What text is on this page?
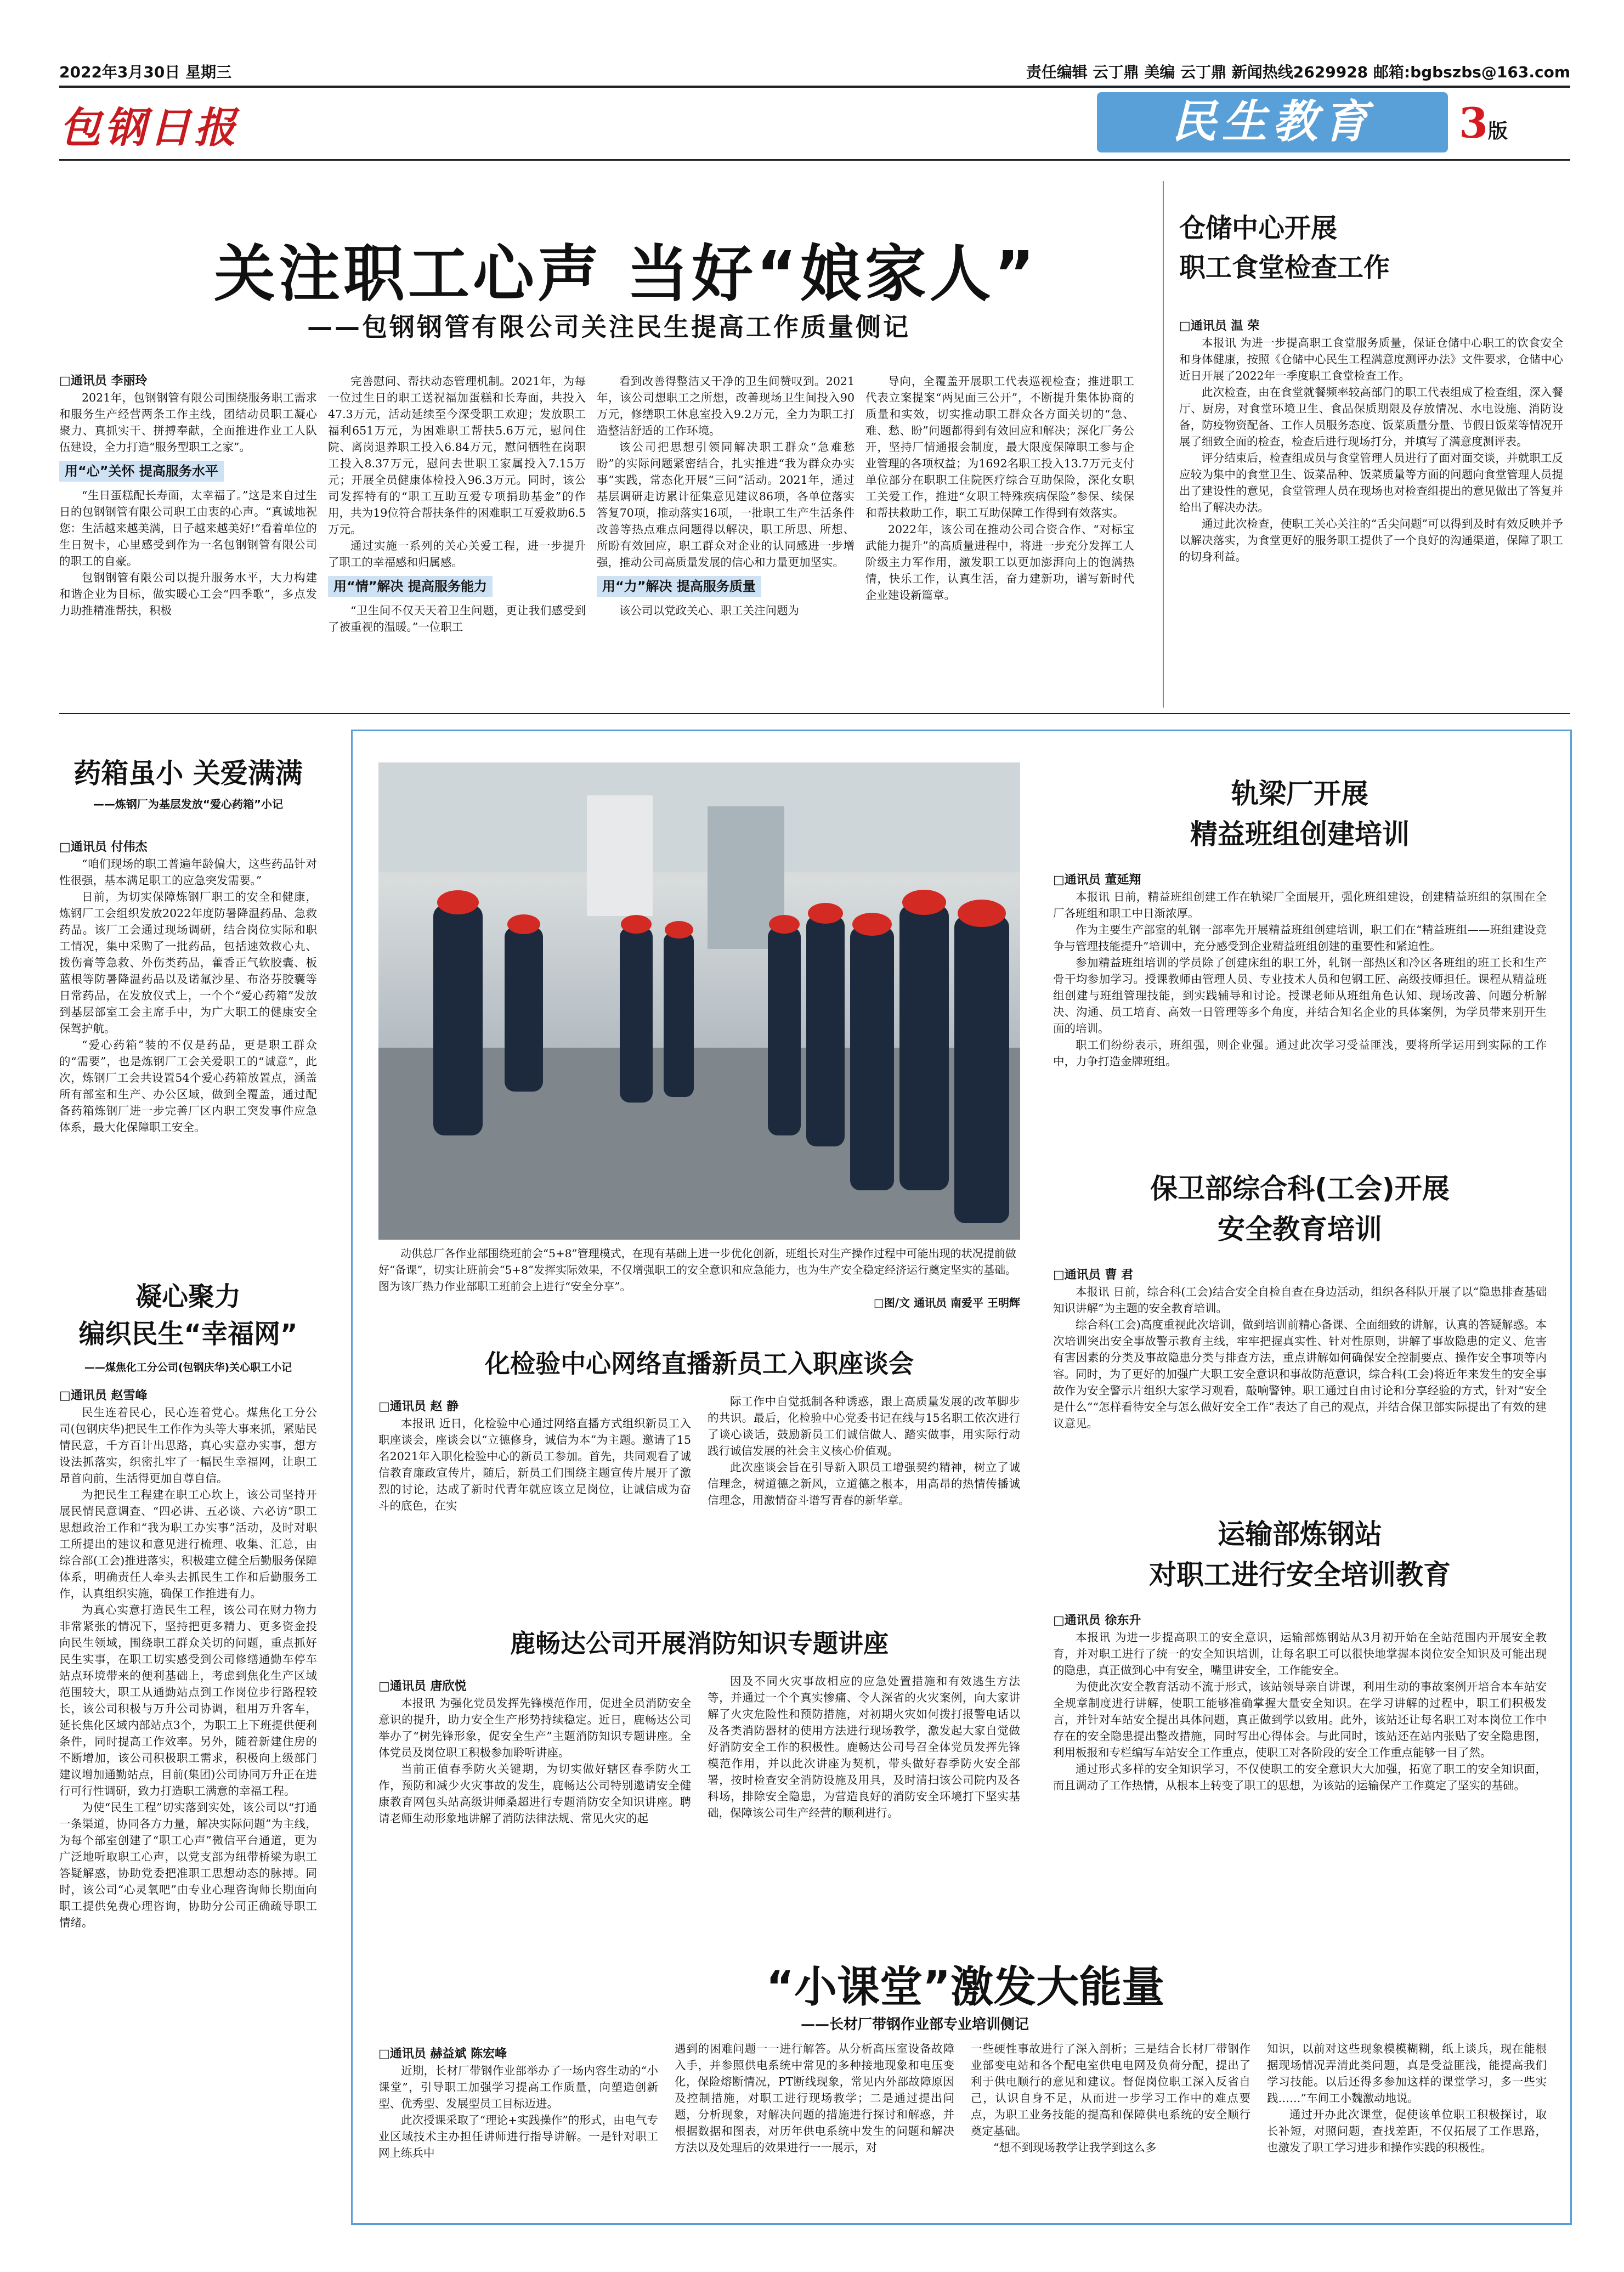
2022年3月30日 星期三	责任编辑 云丁鼎 美编 云丁鼎 新闻热线2629928 邮箱:bgbszbs@163.com
包钢日报	民生教育	3版
关注职工心声 当好“娘家人”
——包钢钢管有限公司关注民生提高工作质量侧记
□通讯员 李丽玲

2021年，包钢钢管有限公司围绕服务职工需求和服务生产经营两条工作主线，团结动员职工凝心聚力、真抓实干、拼搏奉献，全面推进作业工人队伍建设，全力打造“服务型职工之家”。

用“心”关怀 提高服务水平

“生日蛋糕配长寿面，太幸福了。”这是来自过生日的包钢钢管有限公司职工由衷的心声。“真诚地祝您：生活越来越美满，日子越来越美好!”看着单位的生日贺卡，心里感受到作为一名包钢钢管有限公司的职工的自豪。

包钢钢管有限公司以提升服务水平，大力构建和谐企业为目标，做实暖心工会“四季歌”，多点发力助推精准帮扶，积极

完善慰问、帮扶动态管理机制。2021年，为每一位过生日的职工送祝福加蛋糕和长寿面，共投入47.3万元，活动延续至今深受职工欢迎；发放职工福利651万元，为困难职工帮扶5.6万元，慰问住院、离岗退养职工投入6.84万元，慰问牺牲在岗职工投入8.37万元，慰问去世职工家属投入7.15万元；开展全员健康体检投入96.3万元。同时，该公司发挥特有的“职工互助互爱专项捐助基金”的作用，共为19位符合帮扶条件的困难职工互爱救助6.5万元。

通过实施一系列的关心关爱工程，进一步提升了职工的幸福感和归属感。

用“情”解决 提高服务能力

“卫生间不仅天天着卫生问题，更让我们感受到了被重视的温暖。”一位职工

看到改善得整洁又干净的卫生间赞叹到。2021年，该公司想职工之所想，改善现场卫生间投入90万元，修缮职工休息室投入9.2万元，全力为职工打造整洁舒适的工作环境。

该公司把思想引领同解决职工群众“急难愁盼”的实际问题紧密结合，扎实推进“我为群众办实事”实践，常态化开展“三问”活动。2021年，通过基层调研走访累计征集意见建议86项，各单位落实答复70项，推动落实16项，一批职工生产生活条件改善等热点难点问题得以解决，职工所思、所想、所盼有效回应，职工群众对企业的认同感进一步增强，推动公司高质量发展的信心和力量更加坚实。

用“力”解决 提高服务质量

该公司以党政关心、职工关注问题为

导向，全覆盖开展职工代表巡视检查；推进职工代表立案提案“两见面三公开”，不断提升集体协商的质量和实效，切实推动职工群众各方面关切的“急、难、愁、盼”问题都得到有效回应和解决；深化厂务公开，坚持厂情通报会制度，最大限度保障职工参与企业管理的各项权益；为1692名职工投入13.7万元支付单位部分在职职工住院医疗综合互助保险，深化女职工关爱工作，推进“女职工特殊疾病保险”参保、续保和帮扶救助工作，职工互助保障工作得到有效落实。

2022年，该公司在推动公司合资合作、“对标宝武能力提升”的高质量进程中，将进一步充分发挥工人阶级主力军作用，激发职工以更加澎湃向上的饱满热情，快乐工作，认真生活，奋力建新功，谱写新时代企业建设新篇章。

仓储中心开展
职工食堂检查工作
□通讯员 温 荣

本报讯 为进一步提高职工食堂服务质量，保证仓储中心职工的饮食安全和身体健康，按照《仓储中心民生工程满意度测评办法》文件要求，仓储中心近日开展了2022年一季度职工食堂检查工作。

此次检查，由在食堂就餐频率较高部门的职工代表组成了检查组，深入餐厅、厨房，对食堂环境卫生、食品保质期限及存放情况、水电设施、消防设备，防疫物资配备、工作人员服务态度、饭菜质量分量、节假日饭菜等情况开展了细致全面的检查，检查后进行现场打分，并填写了满意度测评表。

评分结束后，检查组成员与食堂管理人员进行了面对面交谈，并就职工反应较为集中的食堂卫生、饭菜品种、饭菜质量等方面的问题向食堂管理人员提出了建设性的意见，食堂管理人员在现场也对检查组提出的意见做出了答复并给出了解决办法。

通过此次检查，使职工关心关注的“舌尖问题”可以得到及时有效反映并予以解决落实，为食堂更好的服务职工提供了一个良好的沟通渠道，保障了职工的切身利益。

药箱虽小 关爱满满
——炼钢厂为基层发放“爱心药箱”小记
□通讯员 付伟杰

“咱们现场的职工普遍年龄偏大，这些药品针对性很强，基本满足职工的应急突发需要。”

日前，为切实保障炼钢厂职工的安全和健康，炼钢厂工会组织发放2022年度防暑降温药品、急救药品。该厂工会通过现场调研，结合岗位实际和职工情况，集中采购了一批药品，包括速效救心丸、拨伤膏等急救、外伤类药品，藿香正气软胶囊、板蓝根等防暑降温药品以及诺氟沙星、布洛芬胶囊等日常药品，在发放仪式上，一个个“爱心药箱”发放到基层部室工会主席手中，为广大职工的健康安全保驾护航。

“爱心药箱”装的不仅是药品，更是职工群众的“需要”，也是炼钢厂工会关爱职工的“诚意”，此次，炼钢厂工会共设置54个爱心药箱放置点，涵盖所有部室和生产、办公区域，做到全覆盖，通过配备药箱炼钢厂进一步完善厂区内职工突发事件应急体系，最大化保障职工安全。

凝心聚力
编织民生“幸福网”
——煤焦化工分公司(包钢庆华)关心职工小记
□通讯员 赵雪峰

民生连着民心，民心连着党心。煤焦化工分公司(包钢庆华)把民生工作作为头等大事来抓，紧贴民情民意，千方百计出思路，真心实意办实事，想方设法抓落实，织密扎牢了一幅民生幸福网，让职工昂首向前，生活得更加自尊自信。

为把民生工程建在职工心坎上，该公司坚持开展民情民意调查、“四必讲、五必谈、六必访”职工思想政治工作和“我为职工办实事”活动，及时对职工所提出的建议和意见进行梳理、收集、汇总，由综合部(工会)推进落实，积极建立健全后勤服务保障体系，明确责任人牵头去抓民生工作和后勤服务工作，认真组织实施，确保工作推进有力。

为真心实意打造民生工程，该公司在财力物力非常紧张的情况下，坚持把更多精力、更多资金投向民生领域，围绕职工群众关切的问题，重点抓好民生实事，在职工切实感受到公司修缮通勤车停车站点环境带来的便利基础上，考虑到焦化生产区域范围较大，职工从通勤站点到工作岗位步行路程较长，该公司积极与万升公司协调，租用万升客车，延长焦化区域内部站点3个，为职工上下班提供便利条件，同时提高工作效率。另外，随着新建住房的不断增加，该公司积极职工需求，积极向上级部门建议增加通勤站点，目前(集团)公司协同万升正在进行可行性调研，致力打造职工满意的幸福工程。

为使“民生工程”切实落到实处，该公司以“打通一条渠道，协同各方力量，解决实际问题”为主线，为每个部室创建了“职工心声”微信平台通道，更为广泛地听取职工心声，以党支部为纽带桥梁为职工答疑解惑，协助党委把准职工思想动态的脉搏。同时，该公司“心灵氧吧”由专业心理咨询师长期面向职工提供免费心理咨询，协助分公司正确疏导职工情绪。

动供总厂各作业部围绕班前会“5+8”管理模式，在现有基础上进一步优化创新，班组长对生产操作过程中可能出现的状况提前做好“备课”，切实让班前会“5+8”发挥实际效果，不仅增强职工的安全意识和应急能力，也为生产安全稳定经济运行奠定坚实的基础。图为该厂热力作业部职工班前会上进行“安全分享”。
□图/文 通讯员 南爱平 王明辉
化检验中心网络直播新员工入职座谈会
□通讯员 赵 静

本报讯 近日，化检验中心通过网络直播方式组织新员工入职座谈会，座谈会以“立德修身，诚信为本”为主题。邀请了15名2021年入职化检验中心的新员工参加。首先，共同观看了诚信教育廉政宣传片，随后，新员工们围绕主题宣传片展开了激烈的讨论，达成了新时代青年就应该立足岗位，让诚信成为奋斗的底色，在实

际工作中自觉抵制各种诱惑，跟上高质量发展的改革脚步的共识。最后，化检验中心党委书记在线与15名职工依次进行了谈心谈话，鼓励新员工们诚信做人、踏实做事，用实际行动践行诚信发展的社会主义核心价值观。

此次座谈会旨在引导新入职员工增强契约精神，树立了诚信理念，树道德之新风，立道德之根本，用高昂的热情传播诚信理念，用激情奋斗谱写青春的新华章。

鹿畅达公司开展消防知识专题讲座
□通讯员 唐欣悦

本报讯 为强化党员发挥先锋模范作用，促进全员消防安全意识的提升，助力安全生产形势持续稳定。近日，鹿畅达公司举办了“树先锋形象，促安全生产”主题消防知识专题讲座。全体党员及岗位职工积极参加聆听讲座。

当前正值春季防火关键期，为切实做好辖区春季防火工作，预防和减少火灾事故的发生，鹿畅达公司特别邀请安全健康教育网包头站高级讲师桑超进行专题消防安全知识讲座。聘请老师生动形象地讲解了消防法律法规、常见火灾的起

因及不同火灾事故相应的应急处置措施和有效逃生方法等，并通过一个个真实惨痛、令人深省的火灾案例，向大家讲解了火灾危险性和预防措施，对初期火灾如何拨打报警电话以及各类消防器材的使用方法进行现场教学，激发起大家自觉做好消防安全工作的积极性。鹿畅达公司号召全体党员发挥先锋模范作用，并以此次讲座为契机，带头做好春季防火安全部署，按时检查安全消防设施及用具，及时清扫该公司院内及各科场，排除安全隐患，为营造良好的消防安全环境打下坚实基础，保障该公司生产经营的顺利进行。

轨梁厂开展
精益班组创建培训
□通讯员 董延翔

本报讯 日前，精益班组创建工作在轨梁厂全面展开，强化班组建设，创建精益班组的氛围在全厂各班组和职工中日渐浓厚。

作为主要生产部室的轧钢一部率先开展精益班组创建培训，职工们在“精益班组——班组建设竞争与管理技能提升”培训中，充分感受到企业精益班组创建的重要性和紧迫性。

参加精益班组培训的学员除了创建床组的职工外，轧钢一部热区和冷区各班组的班工长和生产骨干均参加学习。授课教师由管理人员、专业技术人员和包钢工匠、高级技师担任。课程从精益班组创建与班组管理技能，到实践辅导和讨论。授课老师从班组角色认知、现场改善、问题分析解决、沟通、员工培育、高效一日管理等多个角度，并结合知名企业的具体案例，为学员带来别开生面的培训。

职工们纷纷表示，班组强，则企业强。通过此次学习受益匪浅，要将所学运用到实际的工作中，力争打造金牌班组。

保卫部综合科(工会)开展
安全教育培训
□通讯员 曹 君

本报讯 日前，综合科(工会)结合安全自检自查在身边活动，组织各科队开展了以“隐患排查基础知识讲解”为主题的安全教育培训。

综合科(工会)高度重视此次培训，做到培训前精心备课、全面细致的讲解，认真的答疑解惑。本次培训突出安全事故警示教育主线，牢牢把握真实性、针对性原则，讲解了事故隐患的定义、危害有害因素的分类及事故隐患分类与排查方法，重点讲解如何确保安全控制要点、操作安全事项等内容。同时，为了更好的加强广大职工安全意识和事故防范意识，综合科(工会)将近年来发生的安全事故作为安全警示片组织大家学习观看，敲响警钟。职工通过自由讨论和分享经验的方式，针对“安全是什么”“怎样看待安全与怎么做好安全工作”表达了自己的观点，并结合保卫部实际提出了有效的建议意见。

运输部炼钢站
对职工进行安全培训教育
□通讯员 徐东升

本报讯 为进一步提高职工的安全意识，运输部炼钢站从3月初开始在全站范围内开展安全教育，并对职工进行了统一的安全知识培训，让每名职工可以很快地掌握本岗位安全知识及可能出现的隐患，真正做到心中有安全，嘴里讲安全，工作能安全。

为使此次安全教育活动不流于形式，该站领导亲自讲课，利用生动的事故案例开培合本车站安全规章制度进行讲解，使职工能够准确掌握大量安全知识。在学习讲解的过程中，职工们积极发言，并针对车站安全提出具体问题，真正做到学以致用。此外，该站还让每名职工对本岗位工作中存在的安全隐患提出整改措施，同时写出心得体会。与此同时，该站还在站内张贴了安全隐患图，利用板报和专栏编写车站安全工作重点，使职工对各阶段的安全工作重点能够一目了然。

通过形式多样的安全知识学习，不仅使职工的安全意识大大加强，拓宽了职工的安全知识面，而且调动了工作热情，从根本上转变了职工的思想，为该站的运输保产工作奠定了坚实的基础。

“小课堂”激发大能量
——长材厂带钢作业部专业培训侧记
□通讯员 赫益斌 陈宏峰

近期，长材厂带钢作业部举办了一场内容生动的“小课堂”，引导职工加强学习提高工作质量，向塑造创新型、优秀型、发展型员工目标迈进。

此次授课采取了“理论+实践操作”的形式，由电气专业区域技术主办担任讲师进行指导讲解。一是针对职工网上练兵中

遇到的困难问题一一进行解答。从分析高压室设备故障入手，并参照供电系统中常见的多种接地现象和电压变化，保险熔断情况，PT断线现象，常见内外部故障原因及控制措施，对职工进行现场教学；二是通过提出问题，分析现象，对解决问题的措施进行探讨和解惑，并根据数据和图表，对历年供电系统中发生的问题和解决方法以及处理后的效果进行一一展示，对

一些硬性事故进行了深入剖析；三是结合长材厂带钢作业部变电站和各个配电室供电电网及负荷分配，提出了利于供电顺行的意见和建议。督促岗位职工深入反省自己，认识自身不足，从而进一步学习工作中的难点要点，为职工业务技能的提高和保障供电系统的安全顺行奠定基础。

“想不到现场教学让我学到这么多

知识，以前对这些现象模模糊糊，纸上谈兵，现在能根据现场情况弄清此类问题，真是受益匪浅，能提高我们学习技能。以后还得多参加这样的课堂学习，多一些实践……”车间工小魏激动地说。

通过开办此次课堂，促使该单位职工积极探讨，取长补短，对照问题，查找差距，不仅拓展了工作思路，也激发了职工学习进步和操作实践的积极性。
